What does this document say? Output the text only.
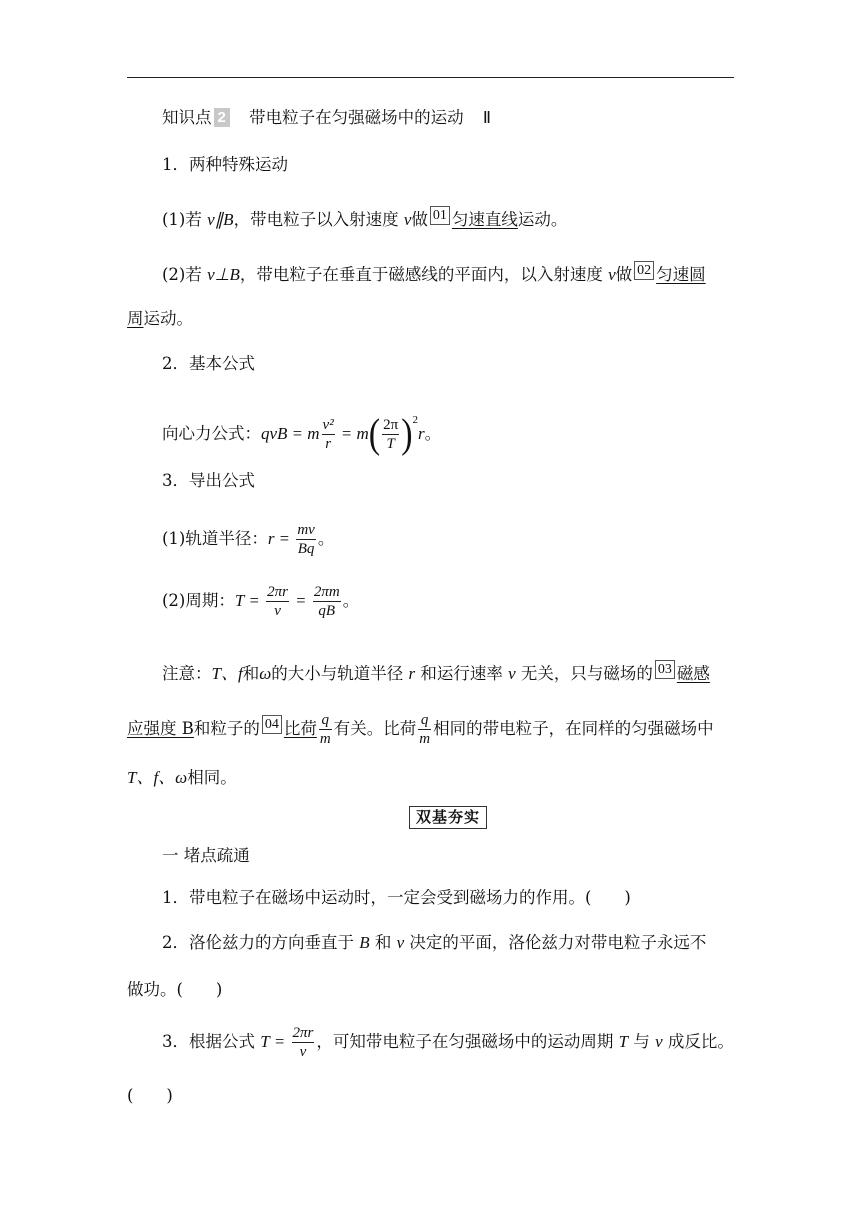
知识点 2 带电粒子在匀强磁场中的运动 Ⅱ
1．两种特殊运动
(1)若 v∥B，带电粒子以入射速度 v做 01 匀速直线运动。
(2)若 v⊥B，带电粒子在垂直于磁感线的平面内，以入射速度 v做 02 匀速圆
周运动。
2．基本公式
向心力公式：qvB = m $\frac{\text{v²}}{r} = m( \frac{2\pi}{T} )^2r$。
3．导出公式
(1)轨道半径：$r = \frac{mv}{Bq}$ 。
(2)周期：$T = \frac{2\pi r}{v} = \frac{2\pi m}{qB}$ 。
注意：T、f和ω的大小与轨道半径 r 和运行速率 v 无关，只与磁场的 03 磁感
应强度 B和粒子的 04 比荷 $\frac{q}{m}$ 有关。比荷 $\frac{q}{m}$ 相同的带电粒子，在同样的匀强磁场中
T、f、ω相同。
双基夯实
一 堵点疏通
1．带电粒子在磁场中运动时，一定会受到磁场力的作用。(　　)
2．洛伦兹力的方向垂直于 B 和 v 决定的平面，洛伦兹力对带电粒子永远不
做功。(　　)
3．根据公式 $T = \frac{2\pi r}{v}$ ，可知带电粒子在匀强磁场中的运动周期 T 与 v 成反比。
(　　)
